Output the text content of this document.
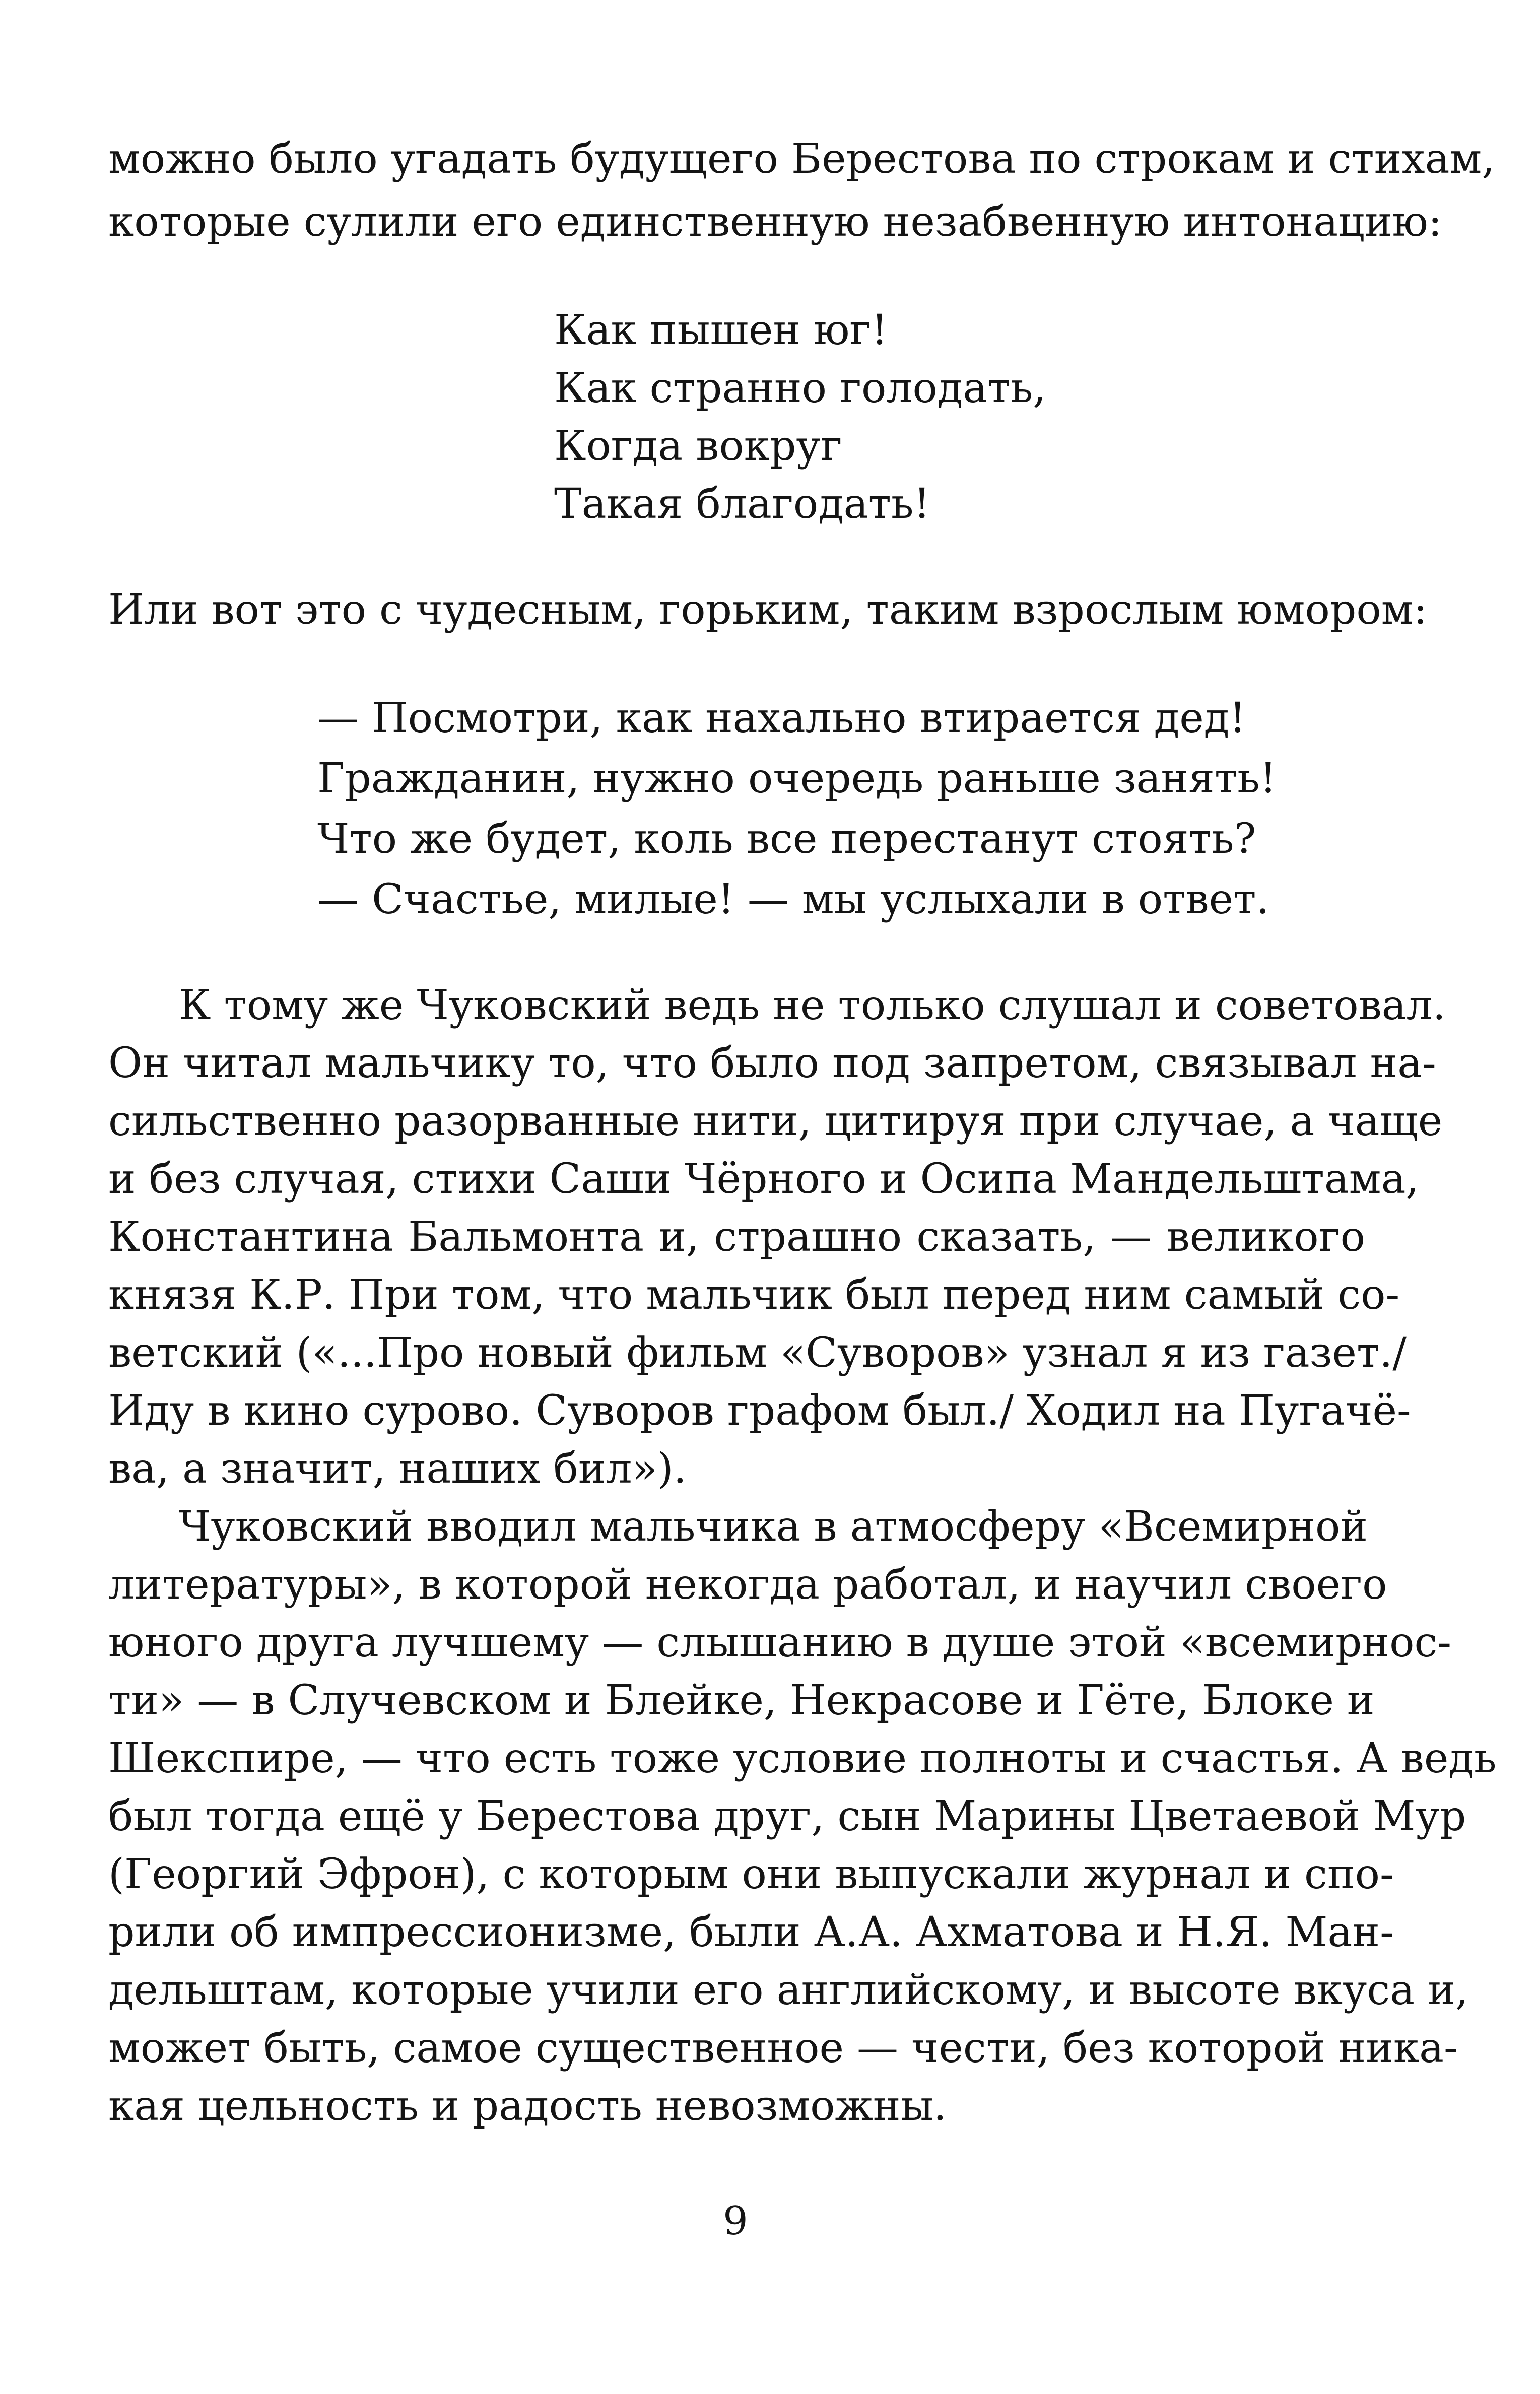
можно было угадать будущего Берестова по строкам и стихам,
которые сулили его единственную незабвенную интонацию:
Как пышен юг!
Как странно голодать,
Когда вокруг
Такая благодать!
Или вот это с чудесным, горьким, таким взрослым юмором:
— Посмотри, как нахально втирается дед!
Гражданин, нужно очередь раньше занять!
Что же будет, коль все перестанут стоять?
— Счастье, милые! — мы услыхали в ответ.
К тому же Чуковский ведь не только слушал и советовал.
Он читал мальчику то, что было под запретом, связывал на-
сильственно разорванные нити, цитируя при случае, а чаще
и без случая, стихи Саши Чёрного и Осипа Мандельштама,
Константина Бальмонта и, страшно сказать, — великого
князя К.Р. При том, что мальчик был перед ним самый со-
ветский («...Про новый фильм «Суворов» узнал я из газет./
Иду в кино сурово. Суворов графом был./ Ходил на Пугачё-
ва, а значит, наших бил»).
Чуковский вводил мальчика в атмосферу «Всемирной
литературы», в которой некогда работал, и научил своего
юного друга лучшему — слышанию в душе этой «всемирнос-
ти» — в Случевском и Блейке, Некрасове и Гёте, Блоке и
Шекспире, — что есть тоже условие полноты и счастья. А ведь
был тогда ещё у Берестова друг, сын Марины Цветаевой Мур
(Георгий Эфрон), с которым они выпускали журнал и спо-
рили об импрессионизме, были А.А. Ахматова и Н.Я. Ман-
дельштам, которые учили его английскому, и высоте вкуса и,
может быть, самое существенное — чести, без которой ника-
кая цельность и радость невозможны.
9
